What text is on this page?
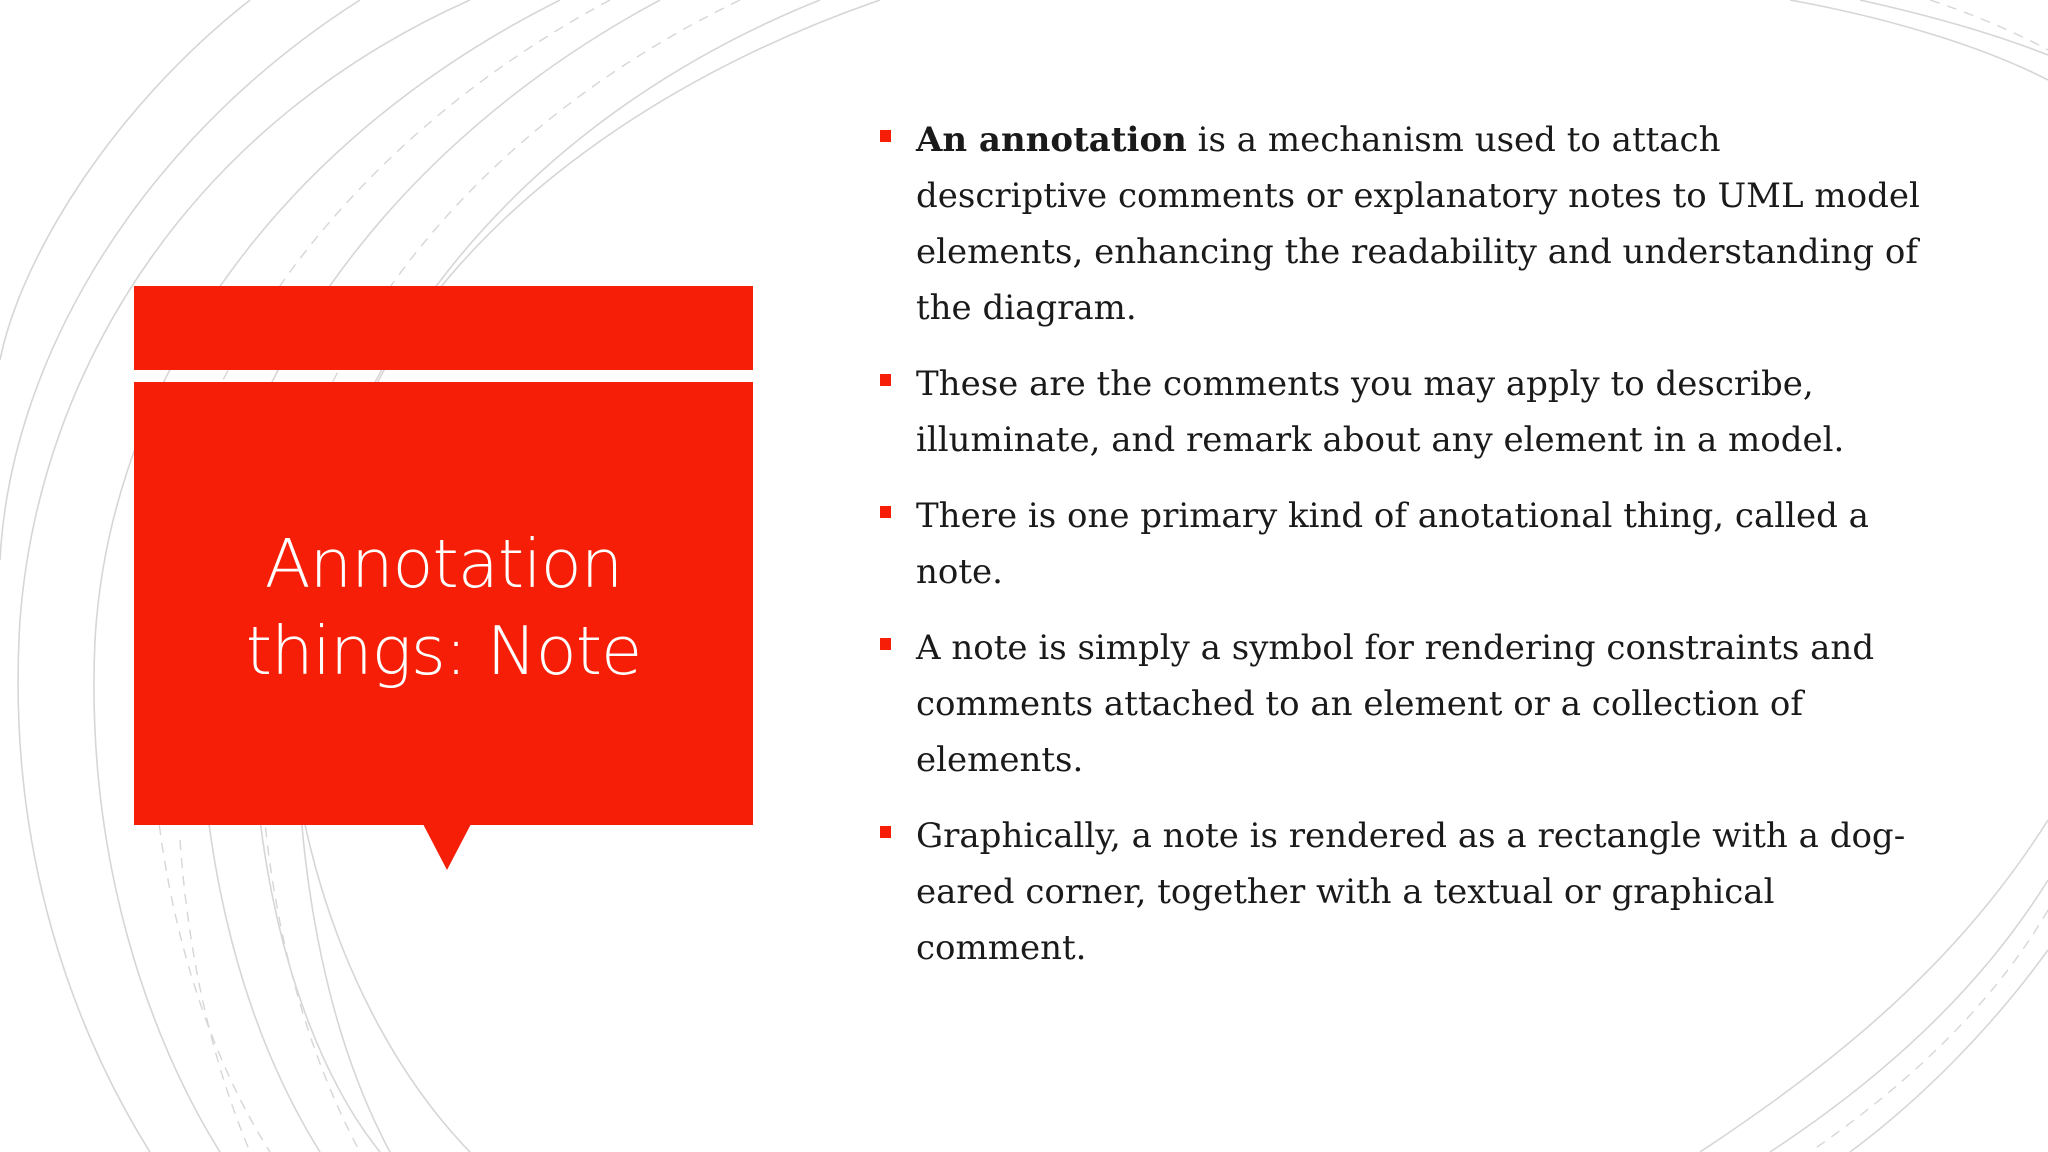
Annotation things: Note
An annotation is a mechanism used to attach descriptive comments or explanatory notes to UML model elements, enhancing the readability and understanding of the diagram.
These are the comments you may apply to describe, illuminate, and remark about any element in a model.
There is one primary kind of anotational thing, called a note.
A note is simply a symbol for rendering constraints and comments attached to an element or a collection of elements.
Graphically, a note is rendered as a rectangle with a dog-eared corner, together with a textual or graphical comment.
